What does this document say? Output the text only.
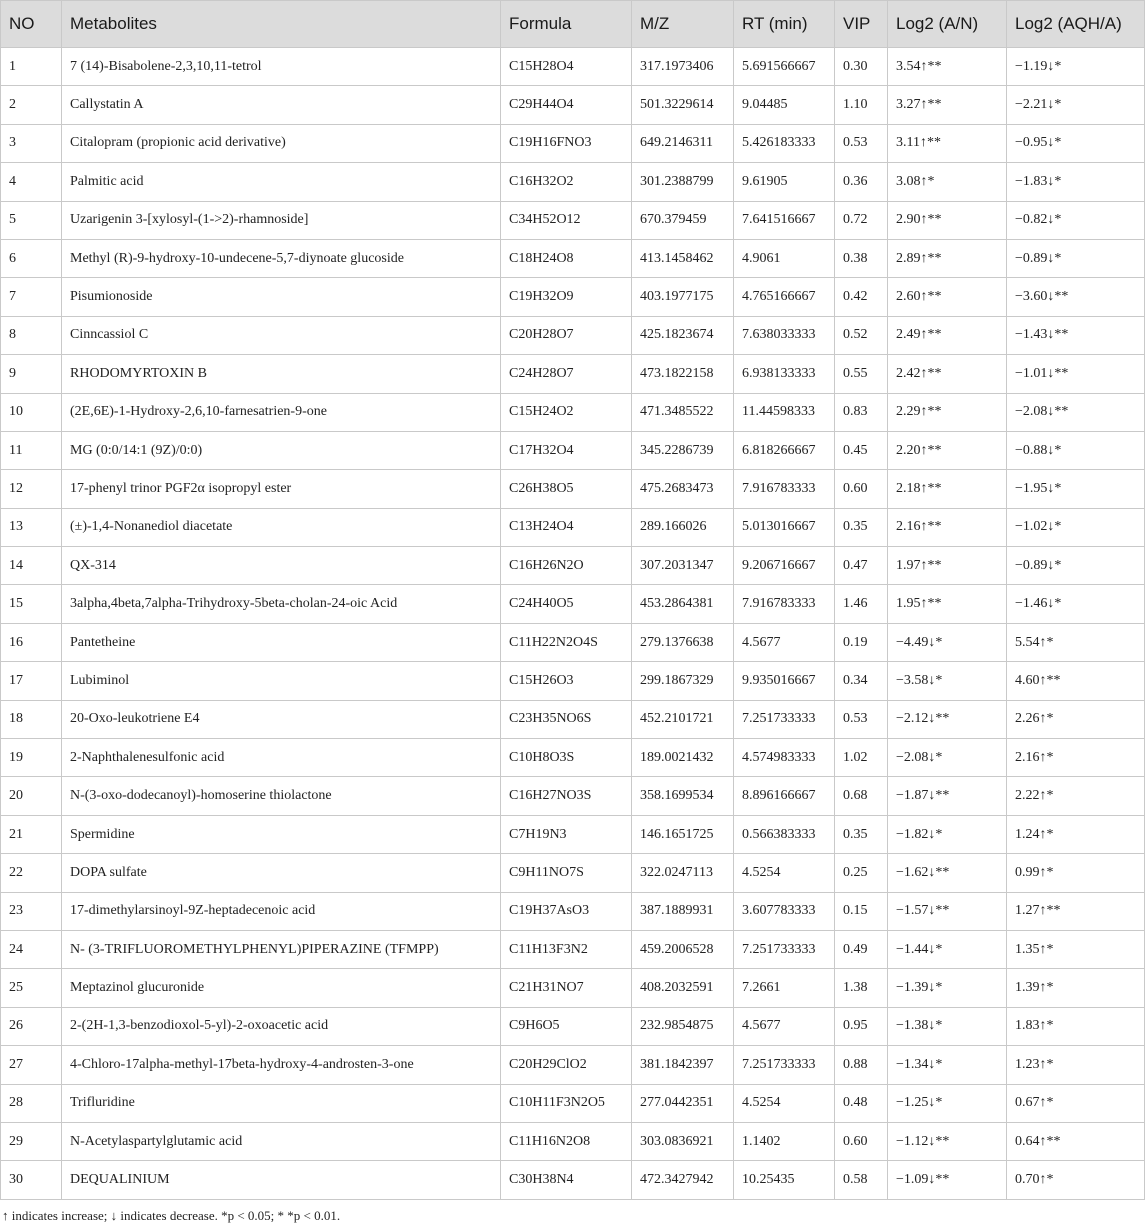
NO	Metabolites	Formula	M/Z	RT (min)	VIP	Log2 (A/N)	Log2 (AQH/A)
1	7 (14)-Bisabolene-2,3,10,11-tetrol	C15H28O4	317.1973406	5.691566667	0.30	3.54↑**	−1.19↓*
2	Callystatin A	C29H44O4	501.3229614	9.04485	1.10	3.27↑**	−2.21↓*
3	Citalopram (propionic acid derivative)	C19H16FNO3	649.2146311	5.426183333	0.53	3.11↑**	−0.95↓*
4	Palmitic acid	C16H32O2	301.2388799	9.61905	0.36	3.08↑*	−1.83↓*
5	Uzarigenin 3-[xylosyl-(1->2)-rhamnoside]	C34H52O12	670.379459	7.641516667	0.72	2.90↑**	−0.82↓*
6	Methyl (R)-9-hydroxy-10-undecene-5,7-diynoate glucoside	C18H24O8	413.1458462	4.9061	0.38	2.89↑**	−0.89↓*
7	Pisumionoside	C19H32O9	403.1977175	4.765166667	0.42	2.60↑**	−3.60↓**
8	Cinncassiol C	C20H28O7	425.1823674	7.638033333	0.52	2.49↑**	−1.43↓**
9	RHODOMYRTOXIN B	C24H28O7	473.1822158	6.938133333	0.55	2.42↑**	−1.01↓**
10	(2E,6E)-1-Hydroxy-2,6,10-farnesatrien-9-one	C15H24O2	471.3485522	11.44598333	0.83	2.29↑**	−2.08↓**
11	MG (0:0/14:1 (9Z)/0:0)	C17H32O4	345.2286739	6.818266667	0.45	2.20↑**	−0.88↓*
12	17-phenyl trinor PGF2α isopropyl ester	C26H38O5	475.2683473	7.916783333	0.60	2.18↑**	−1.95↓*
13	(±)-1,4-Nonanediol diacetate	C13H24O4	289.166026	5.013016667	0.35	2.16↑**	−1.02↓*
14	QX-314	C16H26N2O	307.2031347	9.206716667	0.47	1.97↑**	−0.89↓*
15	3alpha,4beta,7alpha-Trihydroxy-5beta-cholan-24-oic Acid	C24H40O5	453.2864381	7.916783333	1.46	1.95↑**	−1.46↓*
16	Pantetheine	C11H22N2O4S	279.1376638	4.5677	0.19	−4.49↓*	5.54↑*
17	Lubiminol	C15H26O3	299.1867329	9.935016667	0.34	−3.58↓*	4.60↑**
18	20-Oxo-leukotriene E4	C23H35NO6S	452.2101721	7.251733333	0.53	−2.12↓**	2.26↑*
19	2-Naphthalenesulfonic acid	C10H8O3S	189.0021432	4.574983333	1.02	−2.08↓*	2.16↑*
20	N-(3-oxo-dodecanoyl)-homoserine thiolactone	C16H27NO3S	358.1699534	8.896166667	0.68	−1.87↓**	2.22↑*
21	Spermidine	C7H19N3	146.1651725	0.566383333	0.35	−1.82↓*	1.24↑*
22	DOPA sulfate	C9H11NO7S	322.0247113	4.5254	0.25	−1.62↓**	0.99↑*
23	17-dimethylarsinoyl-9Z-heptadecenoic acid	C19H37AsO3	387.1889931	3.607783333	0.15	−1.57↓**	1.27↑**
24	N- (3-TRIFLUOROMETHYLPHENYL)PIPERAZINE (TFMPP)	C11H13F3N2	459.2006528	7.251733333	0.49	−1.44↓*	1.35↑*
25	Meptazinol glucuronide	C21H31NO7	408.2032591	7.2661	1.38	−1.39↓*	1.39↑*
26	2-(2H-1,3-benzodioxol-5-yl)-2-oxoacetic acid	C9H6O5	232.9854875	4.5677	0.95	−1.38↓*	1.83↑*
27	4-Chloro-17alpha-methyl-17beta-hydroxy-4-androsten-3-one	C20H29ClO2	381.1842397	7.251733333	0.88	−1.34↓*	1.23↑*
28	Trifluridine	C10H11F3N2O5	277.0442351	4.5254	0.48	−1.25↓*	0.67↑*
29	N-Acetylaspartylglutamic acid	C11H16N2O8	303.0836921	1.1402	0.60	−1.12↓**	0.64↑**
30	DEQUALINIUM	C30H38N4	472.3427942	10.25435	0.58	−1.09↓**	0.70↑*
↑ indicates increase; ↓ indicates decrease. *p < 0.05; * *p < 0.01.
